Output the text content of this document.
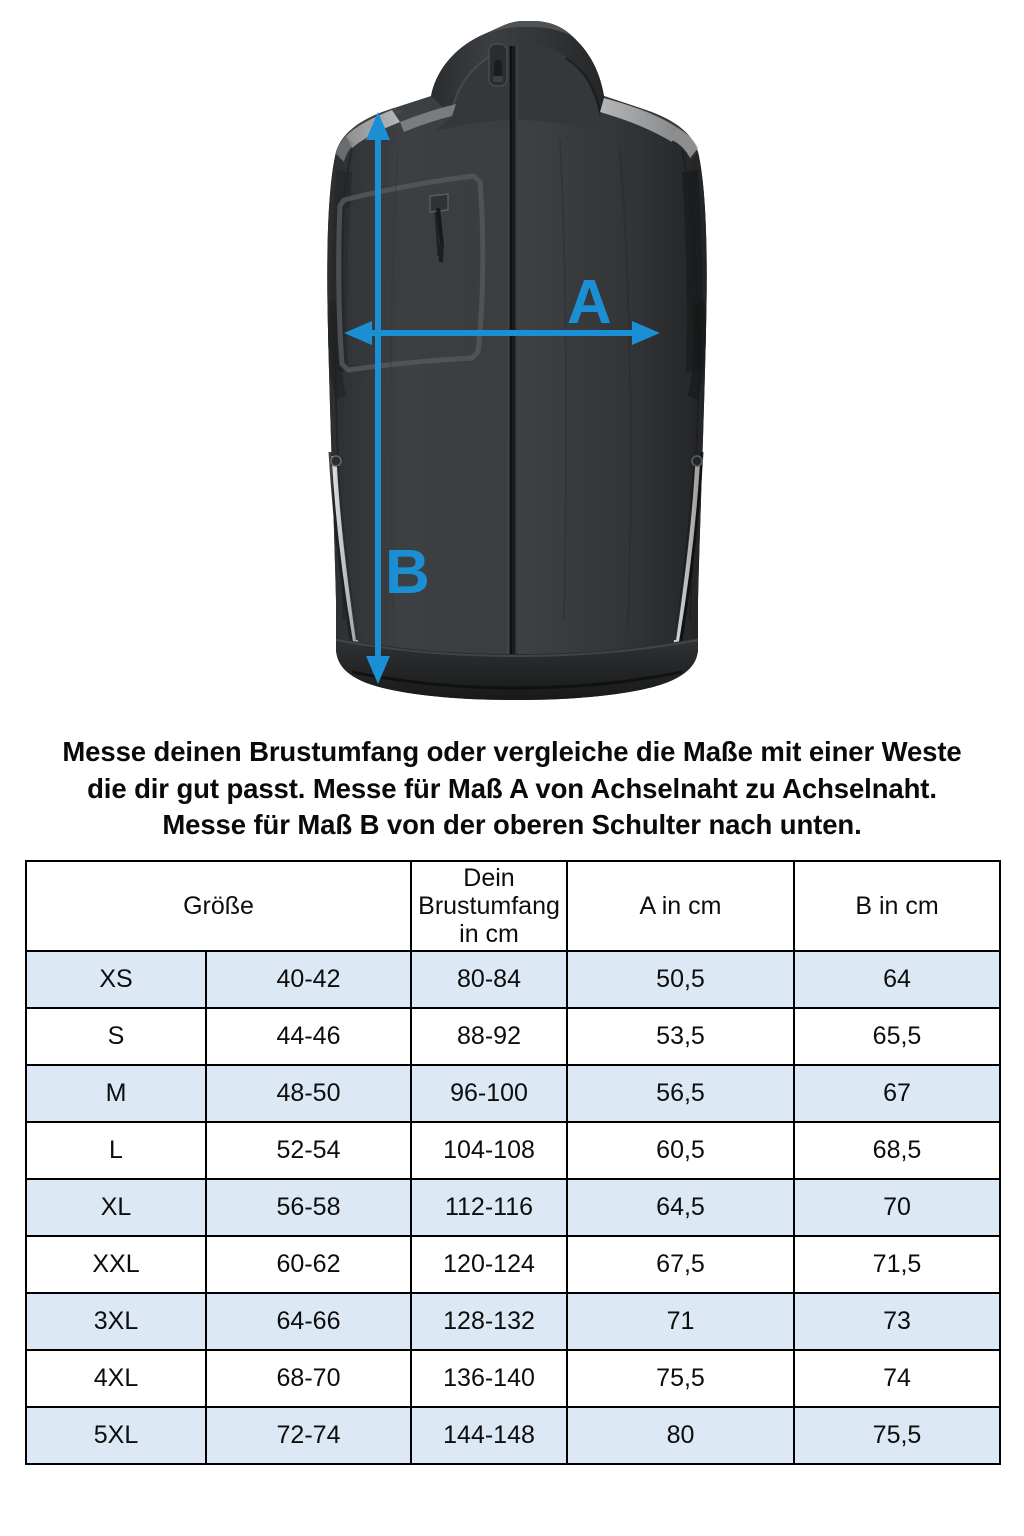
A
B

Messe deinen Brustumfang oder vergleiche die Maße mit einer Weste die dir gut passt. Messe für Maß A von Achselnaht zu Achselnaht. Messe für Maß B von der oberen Schulter nach unten.

Größe		Dein Brustumfang in cm	A in cm	B in cm
XS	40-42	80-84	50,5	64
S	44-46	88-92	53,5	65,5
M	48-50	96-100	56,5	67
L	52-54	104-108	60,5	68,5
XL	56-58	112-116	64,5	70
XXL	60-62	120-124	67,5	71,5
3XL	64-66	128-132	71	73
4XL	68-70	136-140	75,5	74
5XL	72-74	144-148	80	75,5
